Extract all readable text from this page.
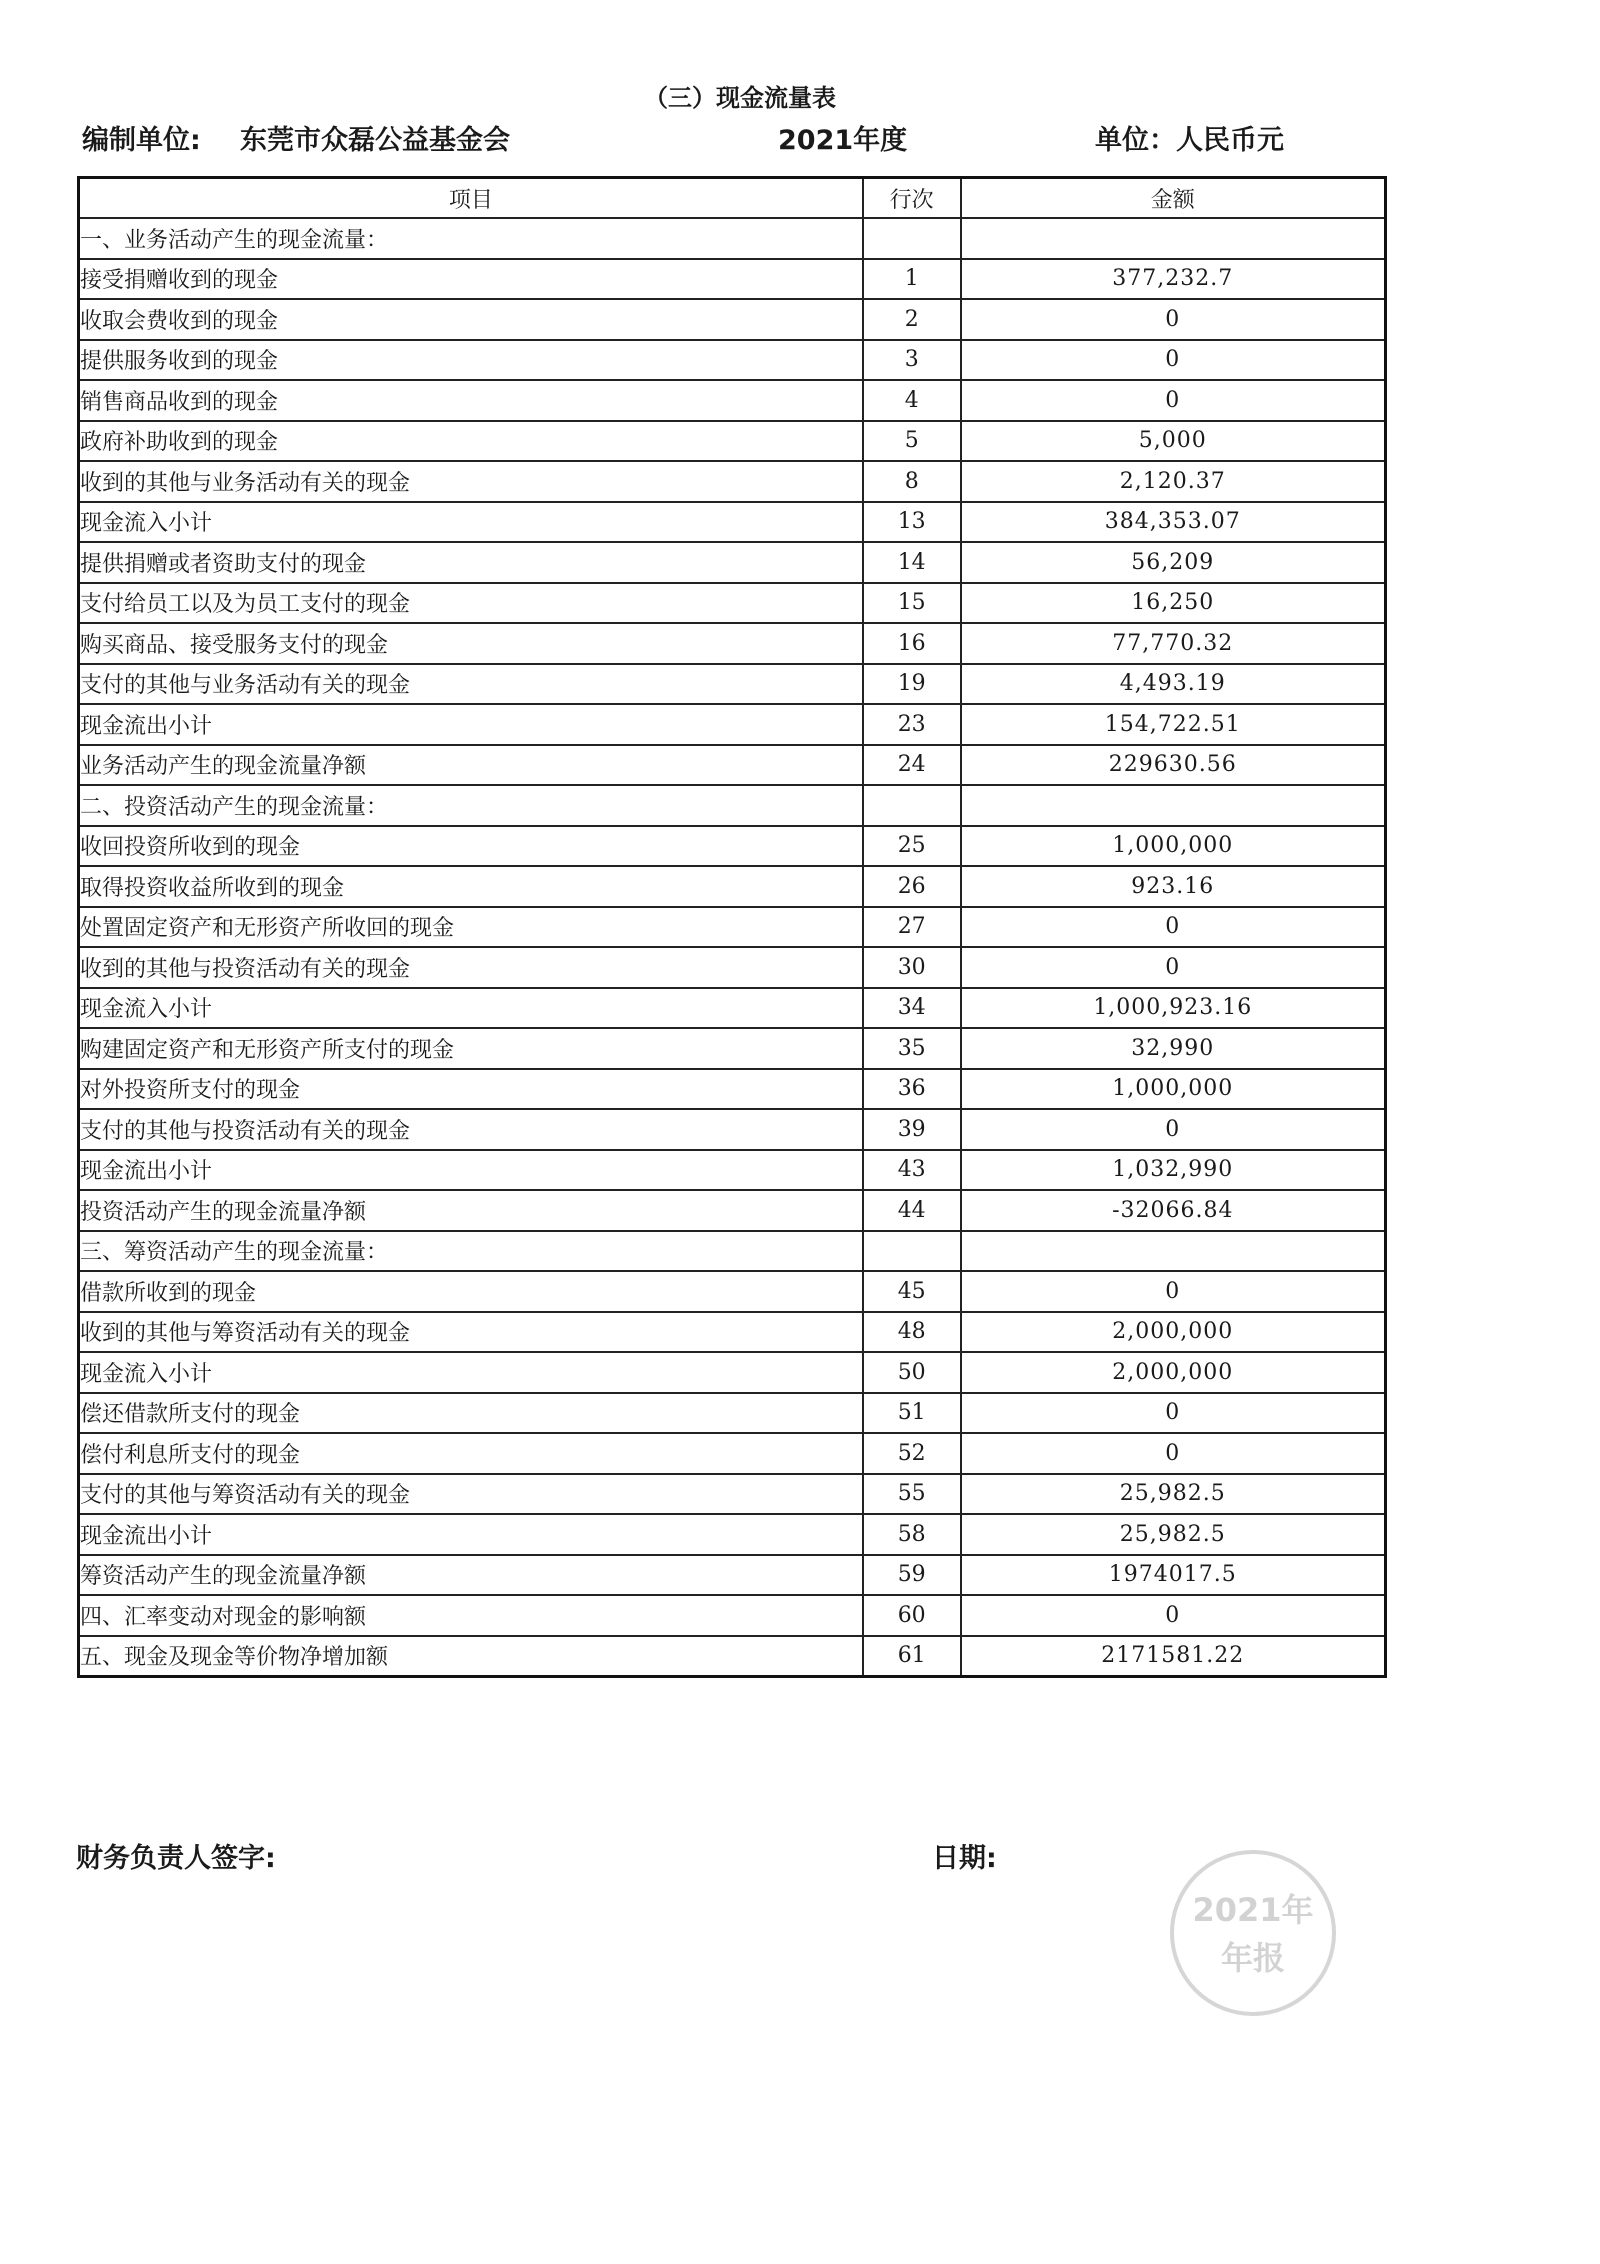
（三）现金流量表
编制单位: 东莞市众磊公益基金会	2021年度	单位：人民币元
项目	行次	金额
一、业务活动产生的现金流量：		
接受捐赠收到的现金	1	377,232.7
收取会费收到的现金	2	0
提供服务收到的现金	3	0
销售商品收到的现金	4	0
政府补助收到的现金	5	5,000
收到的其他与业务活动有关的现金	8	2,120.37
现金流入小计	13	384,353.07
提供捐赠或者资助支付的现金	14	56,209
支付给员工以及为员工支付的现金	15	16,250
购买商品、接受服务支付的现金	16	77,770.32
支付的其他与业务活动有关的现金	19	4,493.19
现金流出小计	23	154,722.51
业务活动产生的现金流量净额	24	229630.56
二、投资活动产生的现金流量：		
收回投资所收到的现金	25	1,000,000
取得投资收益所收到的现金	26	923.16
处置固定资产和无形资产所收回的现金	27	0
收到的其他与投资活动有关的现金	30	0
现金流入小计	34	1,000,923.16
购建固定资产和无形资产所支付的现金	35	32,990
对外投资所支付的现金	36	1,000,000
支付的其他与投资活动有关的现金	39	0
现金流出小计	43	1,032,990
投资活动产生的现金流量净额	44	-32066.84
三、筹资活动产生的现金流量：		
借款所收到的现金	45	0
收到的其他与筹资活动有关的现金	48	2,000,000
现金流入小计	50	2,000,000
偿还借款所支付的现金	51	0
偿付利息所支付的现金	52	0
支付的其他与筹资活动有关的现金	55	25,982.5
现金流出小计	58	25,982.5
筹资活动产生的现金流量净额	59	1974017.5
四、汇率变动对现金的影响额	60	0
五、现金及现金等价物净增加额	61	2171581.22
财务负责人签字:	日期:
2021年年报
